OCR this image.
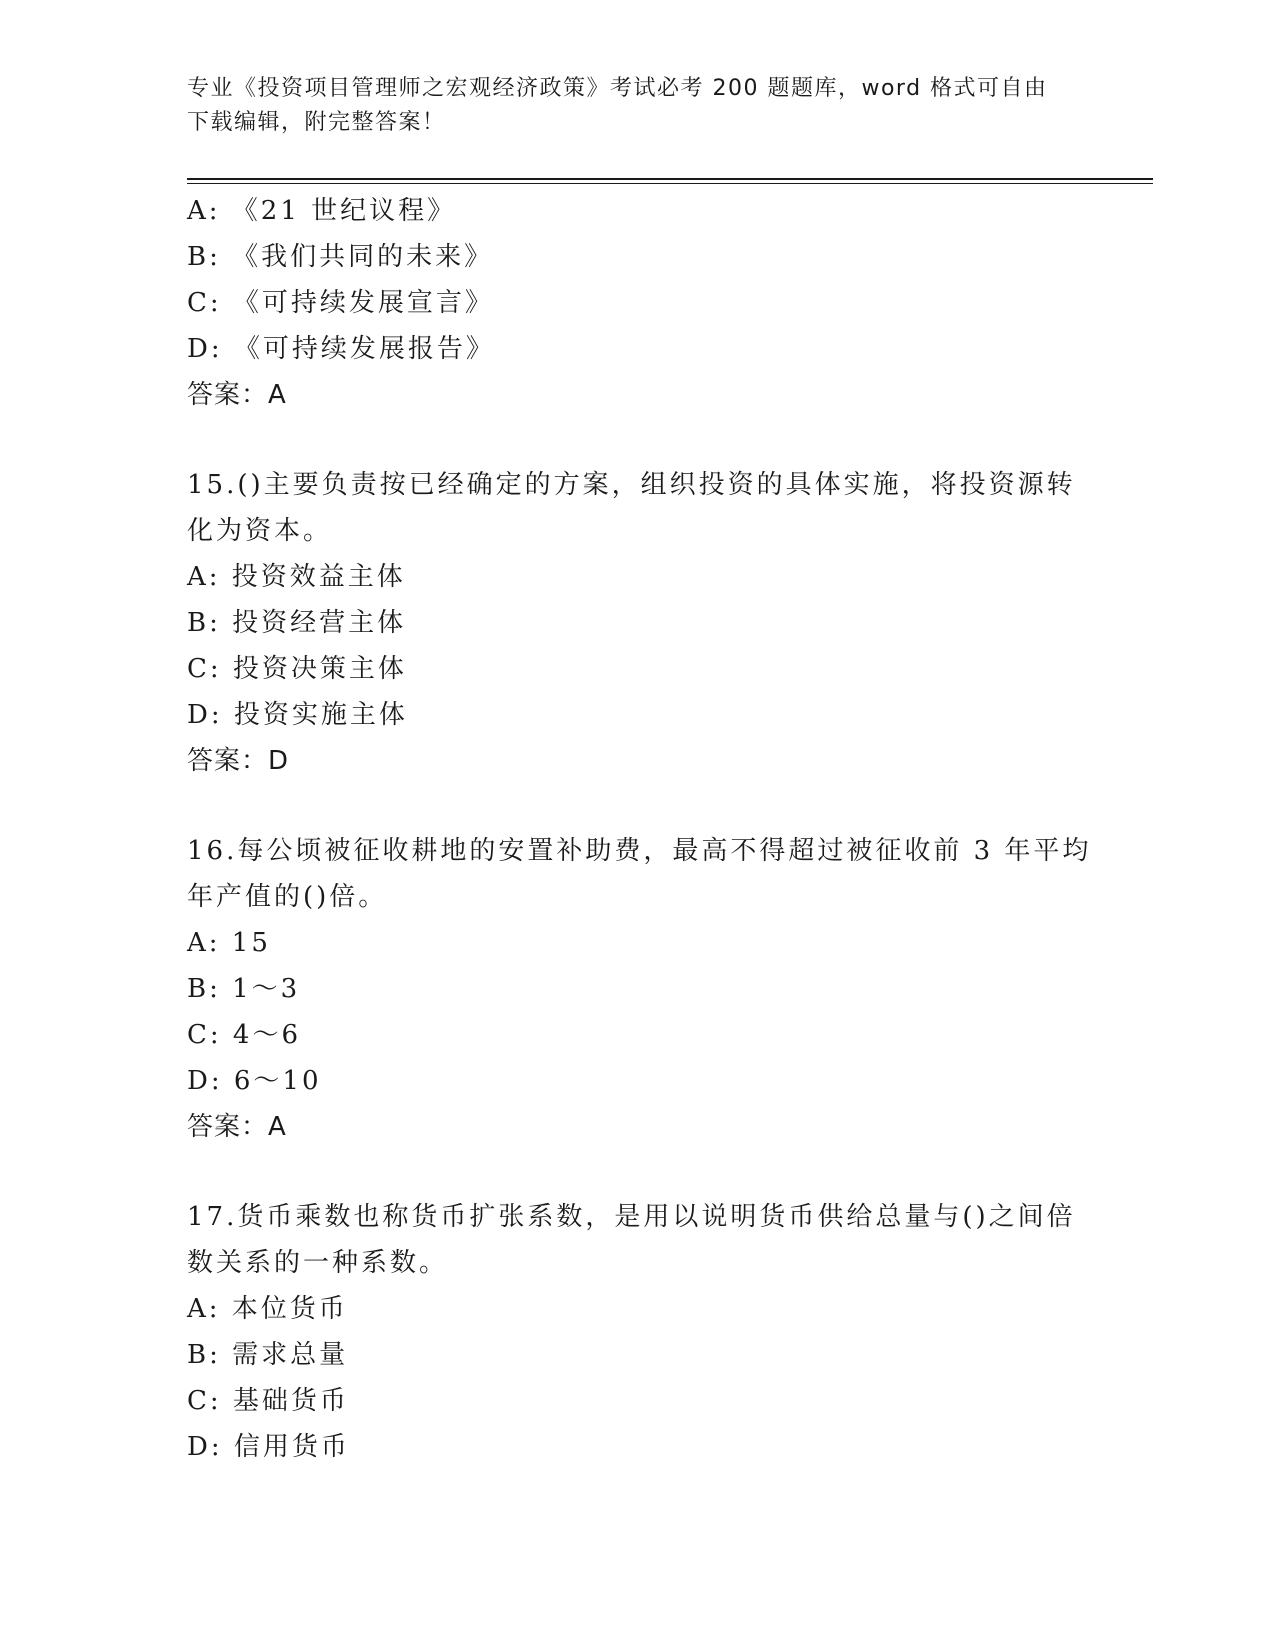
专业《投资项目管理师之宏观经济政策》考试必考 200 题题库，word 格式可自由
下载编辑，附完整答案！
A: 《21 世纪议程》
B: 《我们共同的未来》
C: 《可持续发展宣言》
D: 《可持续发展报告》
答案：A
15.()主要负责按已经确定的方案，组织投资的具体实施，将投资源转
化为资本。
A: 投资效益主体
B: 投资经营主体
C: 投资决策主体
D: 投资实施主体
答案：D
16.每公顷被征收耕地的安置补助费，最高不得超过被征收前 3 年平均
年产值的()倍。
A: 15
B: 1～3
C: 4～6
D: 6～10
答案：A
17.货币乘数也称货币扩张系数，是用以说明货币供给总量与()之间倍
数关系的一种系数。
A: 本位货币
B: 需求总量
C: 基础货币
D: 信用货币
